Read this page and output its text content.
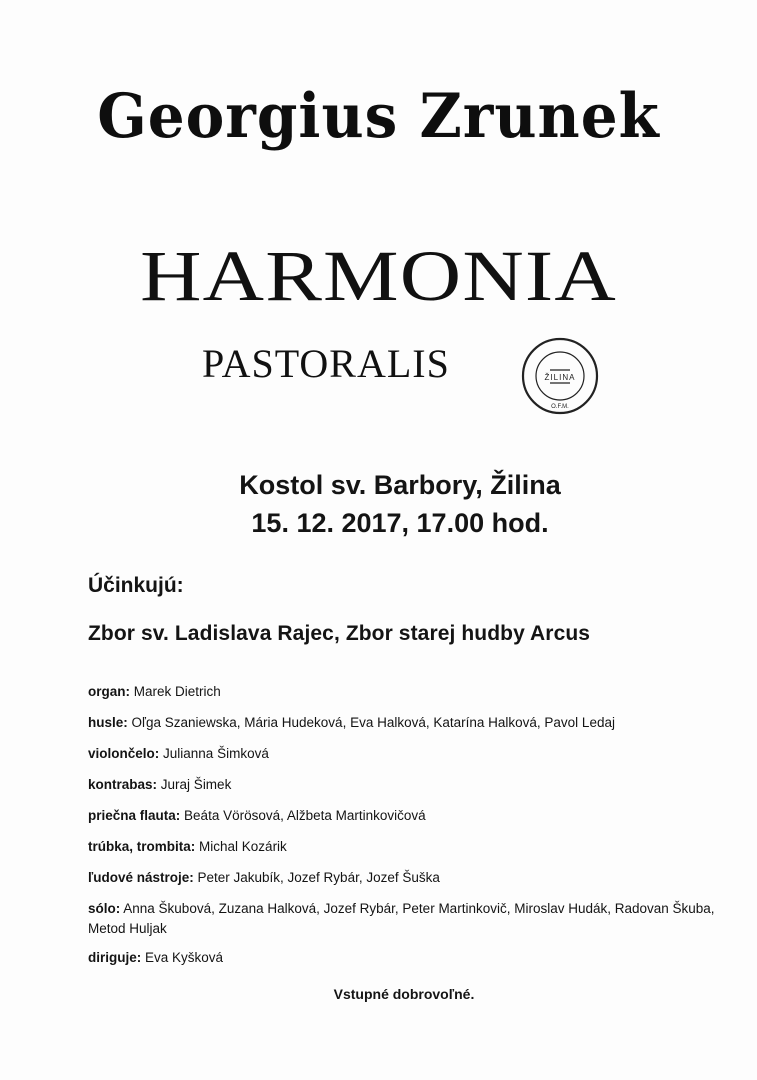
Georgius Zrunek
HARMONIA
PASTORALIS	ŽILINA
O.F.M.
Kostol sv. Barbory, Žilina
15. 12. 2017, 17.00 hod.
Účinkujú:
Zbor sv. Ladislava Rajec, Zbor starej hudby Arcus
organ: Marek Dietrich
husle: Oľga Szaniewska, Mária Hudeková, Eva Halková, Katarína Halková, Pavol Ledaj
violončelo: Julianna Šimková
kontrabas: Juraj Šimek
priečna flauta: Beáta Vörösová, Alžbeta Martinkovičová
trúbka, trombita: Michal Kozárik
ľudové nástroje: Peter Jakubík, Jozef Rybár, Jozef Šuška
sólo: Anna Škubová, Zuzana Halková, Jozef Rybár, Peter Martinkovič, Miroslav Hudák, Radovan Škuba, Metod Huljak
diriguje: Eva Kyšková
Vstupné dobrovoľné.
